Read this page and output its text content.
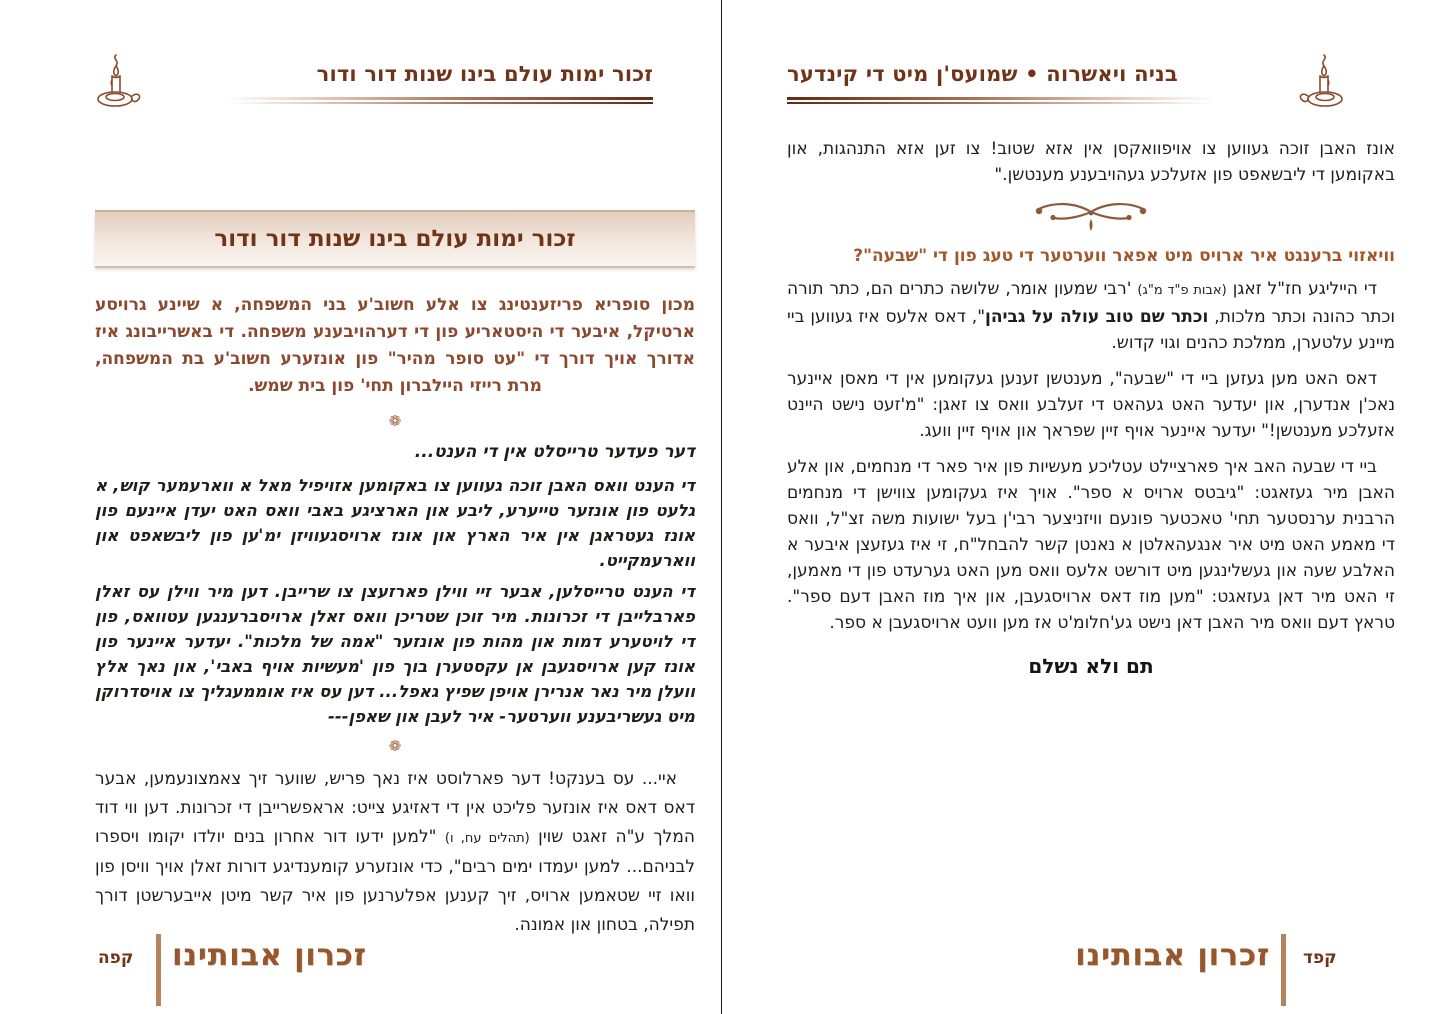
זכור ימות עולם בינו שנות דור ודור
זכור ימות עולם בינו שנות דור ודור

מכון סופריא פריזענטינג צו אלע חשוב'ע בני המשפחה, א שיינע גרויסע ארטיקל, איבער די היסטאריע פון די דערהויבענע משפחה. די באשרייבונג איז אדורך אויך דורך די "עט סופר מהיר" פון אונזערע חשוב'ע בת המשפחה, מרת רייזי היילברון תחי' פון בית שמש.

❁

דער פעדער טרייסלט אין די הענט...

די הענט וואס האבן זוכה געווען צו באקומען אזויפיל מאל א ווארעמער קוש, א גלעט פון אונזער טייערע, ליבע און הארציגע באבי וואס האט יעדן איינעם פון אונז געטראגן אין איר הארץ און אונז ארויסגעוויזן ימ'ען פון ליבשאפט און ווארעמקייט.

די הענט טרייסלען, אבער זיי ווילן פארזעצן צו שרייבן. דען מיר ווילן עס זאלן פארבלייבן די זכרונות. מיר זוכן שטריכן וואס זאלן ארויסברענגען עטוואס, פון די לויטערע דמות און מהות פון אונזער "אמה של מלכות". יעדער איינער פון אונז קען ארויסגעבן אן עקסטערן בוך פון 'מעשיות אויף באבי', און נאך אלץ וועלן מיר נאר אנרירן אויפן שפיץ גאפל... דען עס איז אוממעגליך צו אויסדרוקן מיט געשריבענע ווערטער- איר לעבן און שאפן---

❁

איי... עס בענקט! דער פארלוסט איז נאך פריש, שווער זיך צאמצונעמען, אבער דאס דאס איז אונזער פליכט אין די דאזיגע צייט: אראפשרייבן די זכרונות. דען ווי דוד המלך ע"ה זאגט שוין (תהלים עח, ו) "למען ידעו דור אחרון בנים יולדו יקומו ויספרו לבניהם... למען יעמדו ימים רבים", כדי אונזערע קומענדיגע דורות זאלן אויך וויסן פון וואו זיי שטאמען ארויס, זיך קענען אפלערנען פון איר קשר מיטן אייבערשטן דורך תפילה, בטחון און אמונה.

קפה זכרון אבותינו
בניה ויאשרוה • שמועס'ן מיט די קינדער

אונז האבן זוכה געווען צו אויפוואקסן אין אזא שטוב! צו זען אזא התנהגות, און באקומען די ליבשאפט פון אזעלכע געהויבענע מענטשן."

וויאזוי ברענגט איר ארויס מיט אפאר ווערטער די טעג פון די "שבעה"?

די הייליגע חז"ל זאגן (אבות פ"ד מ"ג) 'רבי שמעון אומר, שלושה כתרים הם, כתר תורה וכתר כהונה וכתר מלכות, וכתר שם טוב עולה על גביהן", דאס אלעס איז געווען ביי מיינע עלטערן, ממלכת כהנים וגוי קדוש.

דאס האט מען געזען ביי די "שבעה", מענטשן זענען געקומען אין די מאסן איינער נאכ'ן אנדערן, און יעדער האט געהאט די זעלבע וואס צו זאגן: "מ'זעט נישט היינט אזעלכע מענטשן!" יעדער איינער אויף זיין שפראך און אויף זיין וועג.

ביי די שבעה האב איך פארציילט עטליכע מעשיות פון איר פאר די מנחמים, און אלע האבן מיר געזאגט: "גיבטס ארויס א ספר". אויך איז געקומען צווישן די מנחמים הרבנית ערנסטער תחי' טאכטער פונעם וויזניצער רבי'ן בעל ישועות משה זצ"ל, וואס די מאמע האט מיט איר אנגעהאלטן א נאנטן קשר להבחל"ח, זי איז געזעצן איבער א האלבע שעה און געשלינגען מיט דורשט אלעס וואס מען האט גערעדט פון די מאמען, זי האט מיר דאן געזאגט: "מען מוז דאס ארויסגעבן, און איך מוז האבן דעם ספר". טראץ דעם וואס מיר האבן דאן נישט גע'חלומ'ט אז מען וועט ארויסגעבן א ספר.

תם ולא נשלם
זכרון אבותינו קפד
